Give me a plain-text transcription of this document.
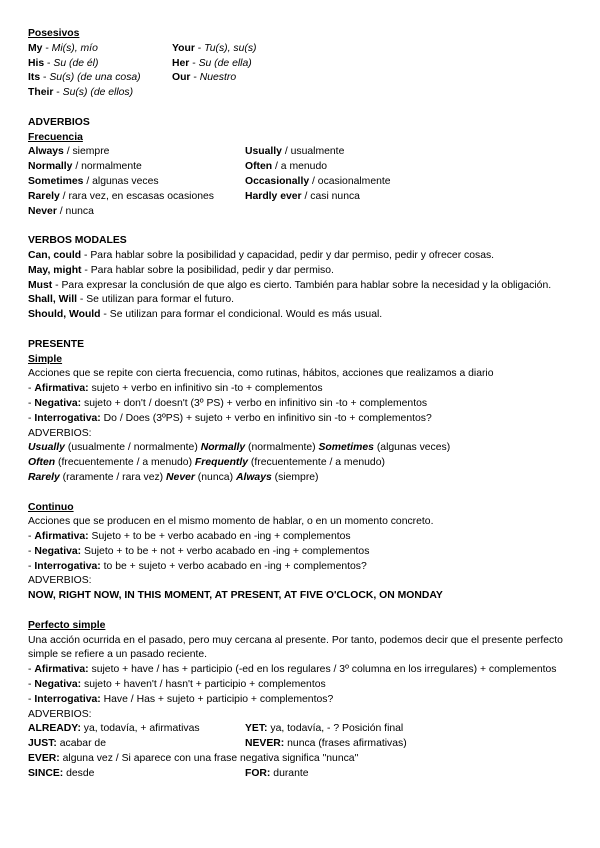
Posesivos

My - Mi(s), mío	Your - Tu(s), su(s)
His - Su (de él)	Her - Su (de ella)
Its - Su(s) (de una cosa)	Our - Nuestro
Their - Su(s) (de ellos)

ADVERBIOS

Frecuencia

Always / siempre	Usually / usualmente
Normally / normalmente	Often / a menudo
Sometimes / algunas veces	Occasionally / ocasionalmente
Rarely / rara vez, en escasas ocasiones	Hardly ever / casi nunca
Never / nunca

VERBOS MODALES

Can, could - Para hablar sobre la posibilidad y capacidad, pedir y dar permiso, pedir y ofrecer cosas.

May, might - Para hablar sobre la posibilidad, pedir y dar permiso.

Must - Para expresar la conclusión de que algo es cierto. También para hablar sobre la necesidad y la obligación.

Shall, Will - Se utilizan para formar el futuro.

Should, Would - Se utilizan para formar el condicional. Would es más usual.

PRESENTE

Simple

Acciones que se repite con cierta frecuencia, como rutinas, hábitos, acciones que realizamos a diario

- Afirmativa: sujeto + verbo en infinitivo sin -to + complementos

- Negativa: sujeto + don't / doesn't (3º PS) + verbo en infinitivo sin -to + complementos

- Interrogativa: Do / Does (3ºPS) + sujeto + verbo en infinitivo sin -to + complementos?

ADVERBIOS:

Usually (usualmente / normalmente) Normally (normalmente) Sometimes (algunas veces)

Often (frecuentemente / a menudo) Frequently (frecuentemente / a menudo)

Rarely (raramente / rara vez) Never (nunca) Always (siempre)

Continuo

Acciones que se producen en el mismo momento de hablar, o en un momento concreto.

- Afirmativa: Sujeto + to be + verbo acabado en -ing + complementos

- Negativa: Sujeto + to be + not + verbo acabado en -ing + complementos

- Interrogativa: to be + sujeto + verbo acabado en -ing + complementos?

ADVERBIOS:

NOW, RIGHT NOW, IN THIS MOMENT, AT PRESENT, AT FIVE O'CLOCK, ON MONDAY

Perfecto simple

Una acción ocurrida en el pasado, pero muy cercana al presente. Por tanto, podemos decir que el presente perfecto simple se refiere a un pasado reciente.

- Afirmativa: sujeto + have / has + participio (-ed en los regulares / 3º columna en los irregulares) + complementos

- Negativa: sujeto + haven't / hasn't + participio + complementos

- Interrogativa: Have / Has + sujeto + participio + complementos?

ADVERBIOS:

ALREADY: ya, todavía, + afirmativas	YET: ya, todavía, - ? Posición final
JUST: acabar de	NEVER: nunca (frases afirmativas)
EVER: alguna vez / Si aparece con una frase negativa significa "nunca"
SINCE: desde	FOR: durante
